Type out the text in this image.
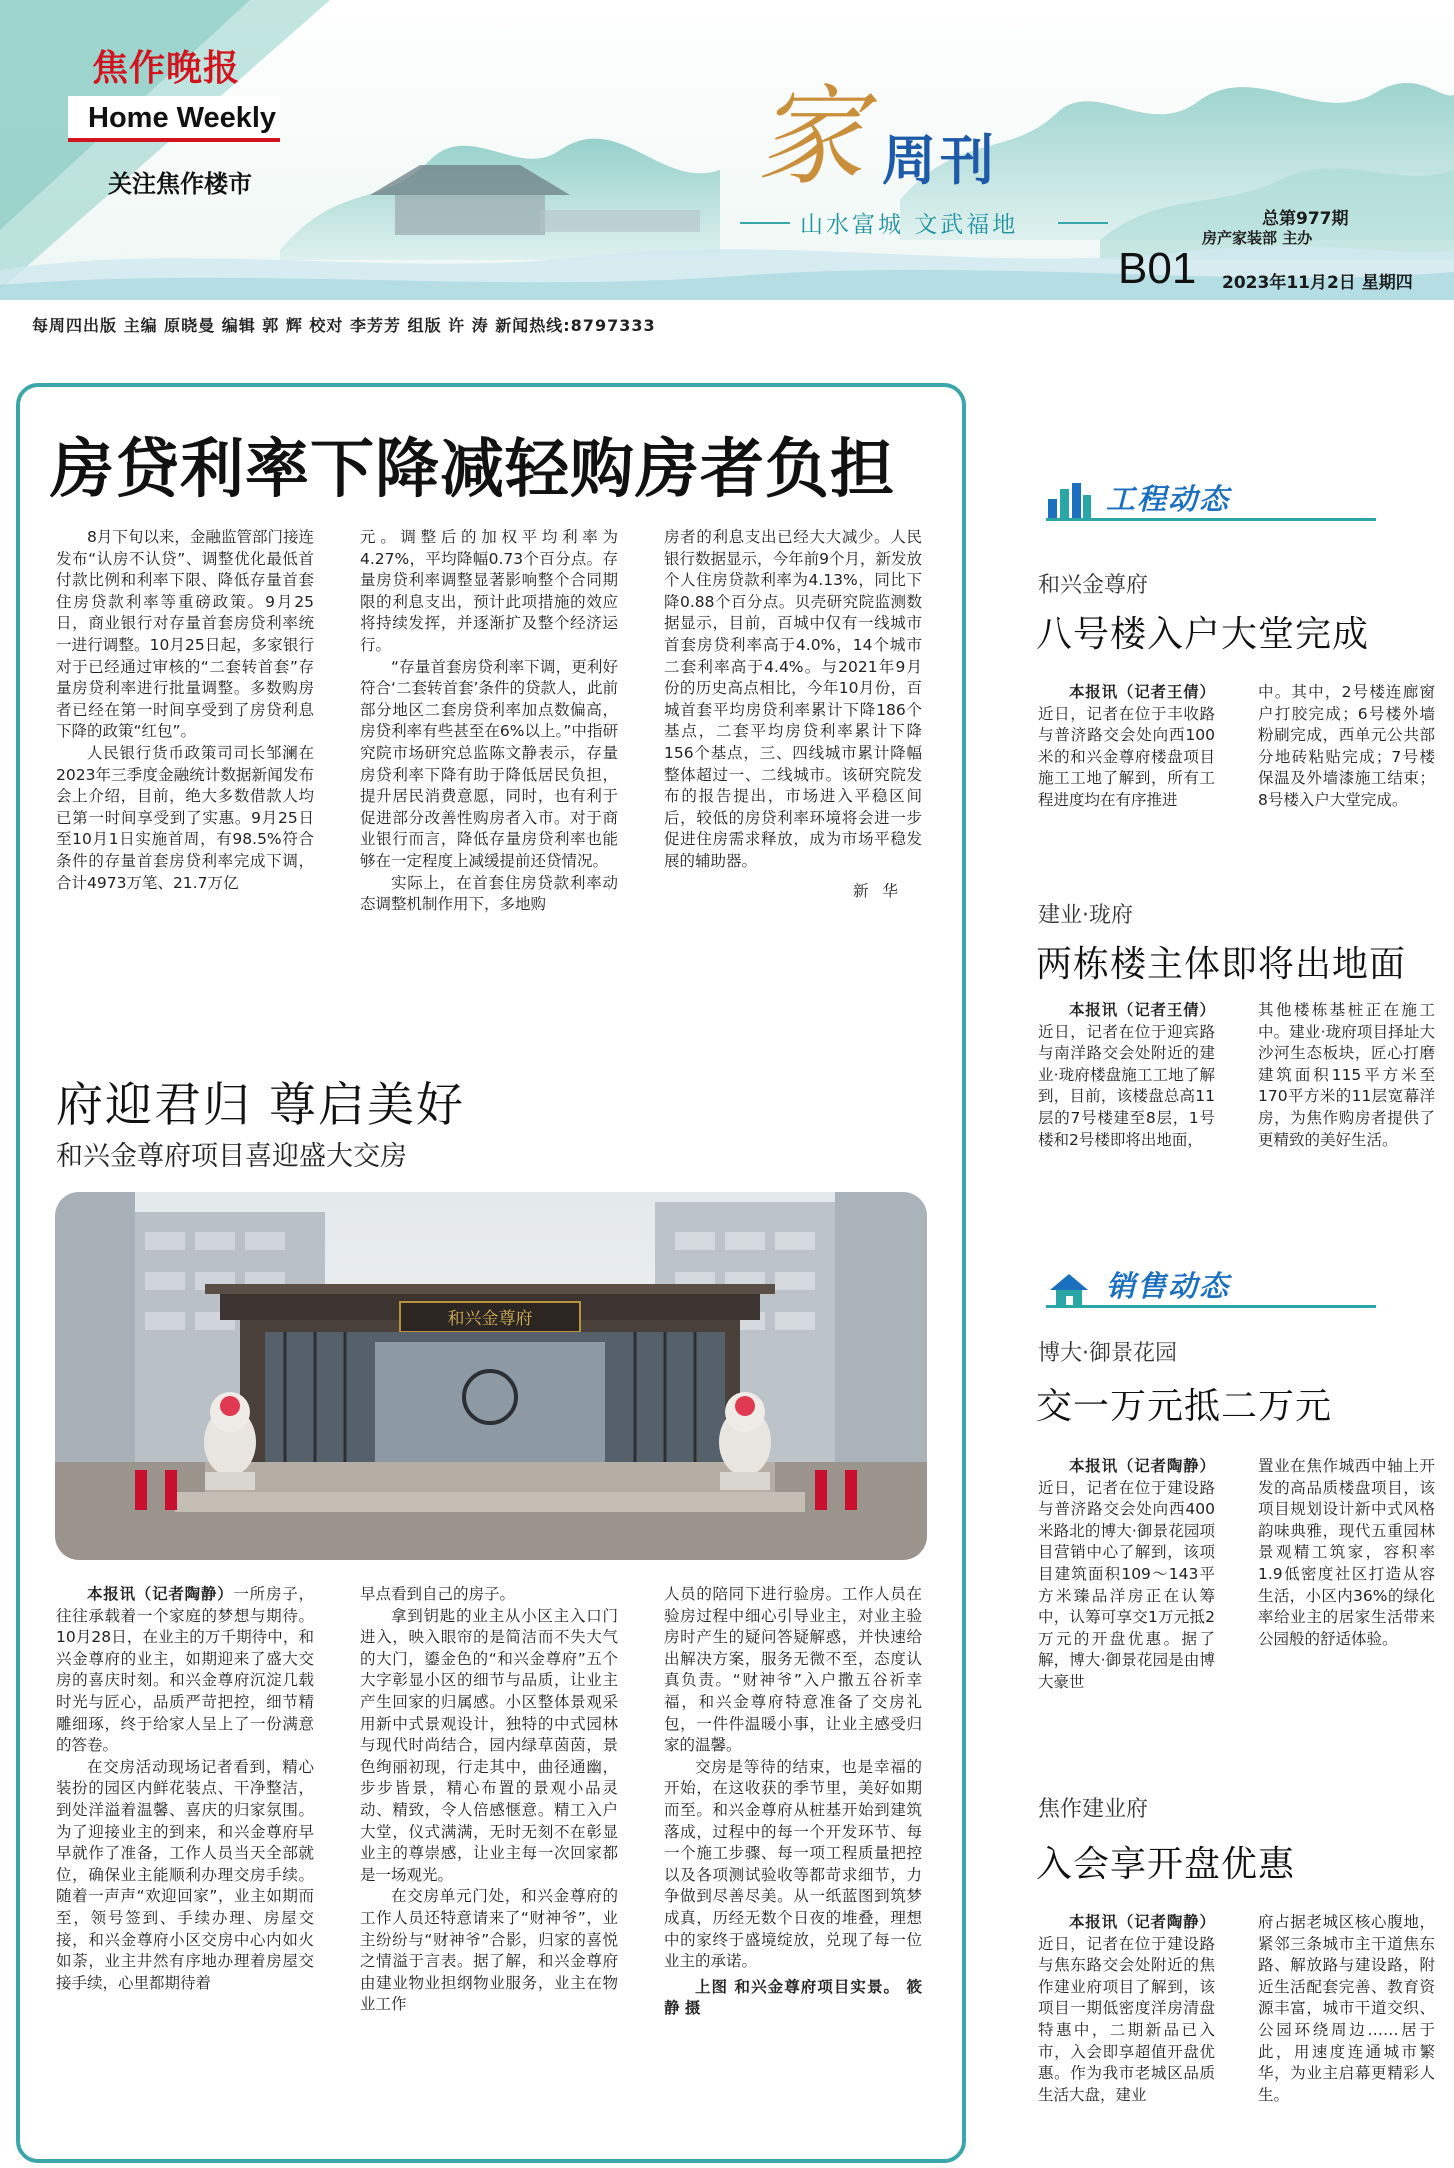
焦作晚报
Home Weekly
关注焦作楼市	家 周刊
山水富城 文武福地	总第977期
房产家装部 主办
B01 2023年11月2日 星期四
每周四出版 主编 原晓曼 编辑 郭 辉 校对 李芳芳 组版 许 涛 新闻热线:8797333
房贷利率下降减轻购房者负担

8月下旬以来，金融监管部门接连发布“认房不认贷”、调整优化最低首付款比例和利率下限、降低存量首套住房贷款利率等重磅政策。9月25日，商业银行对存量首套房贷利率统一进行调整。10月25日起，多家银行对于已经通过审核的“二套转首套”存量房贷利率进行批量调整。多数购房者已经在第一时间享受到了房贷利息下降的政策“红包”。

人民银行货币政策司司长邹澜在2023年三季度金融统计数据新闻发布会上介绍，目前，绝大多数借款人均已第一时间享受到了实惠。9月25日至10月1日实施首周，有98.5%符合条件的存量首套房贷利率完成下调，合计4973万笔、21.7万亿

元。调整后的加权平均利率为4.27%，平均降幅0.73个百分点。存量房贷利率调整显著影响整个合同期限的利息支出，预计此项措施的效应将持续发挥，并逐渐扩及整个经济运行。

“存量首套房贷利率下调，更利好符合‘二套转首套’条件的贷款人，此前部分地区二套房贷利率加点数偏高，房贷利率有些甚至在6%以上。”中指研究院市场研究总监陈文静表示，存量房贷利率下降有助于降低居民负担，提升居民消费意愿，同时，也有利于促进部分改善性购房者入市。对于商业银行而言，降低存量房贷利率也能够在一定程度上减缓提前还贷情况。

实际上，在首套住房贷款利率动态调整机制作用下，多地购

房者的利息支出已经大大减少。人民银行数据显示，今年前9个月，新发放个人住房贷款利率为4.13%，同比下降0.88个百分点。贝壳研究院监测数据显示，目前，百城中仅有一线城市首套房贷利率高于4.0%，14个城市二套利率高于4.4%。与2021年9月份的历史高点相比，今年10月份，百城首套平均房贷利率累计下降186个基点，二套平均房贷利率累计下降156个基点，三、四线城市累计降幅整体超过一、二线城市。该研究院发布的报告提出，市场进入平稳区间后，较低的房贷利率环境将会进一步促进住房需求释放，成为市场平稳发展的辅助器。

新华

府迎君归 尊启美好
和兴金尊府项目喜迎盛大交房
和兴金尊府

本报讯（记者陶静）一所房子，往往承载着一个家庭的梦想与期待。10月28日，在业主的万千期待中，和兴金尊府的业主，如期迎来了盛大交房的喜庆时刻。和兴金尊府沉淀几载时光与匠心，品质严苛把控，细节精雕细琢，终于给家人呈上了一份满意的答卷。

在交房活动现场记者看到，精心装扮的园区内鲜花装点、干净整洁，到处洋溢着温馨、喜庆的归家氛围。为了迎接业主的到来，和兴金尊府早早就作了准备，工作人员当天全部就位，确保业主能顺利办理交房手续。随着一声声“欢迎回家”，业主如期而至，领号签到、手续办理、房屋交接，和兴金尊府小区交房中心内如火如荼，业主井然有序地办理着房屋交接手续，心里都期待着

早点看到自己的房子。

拿到钥匙的业主从小区主入口门进入，映入眼帘的是简洁而不失大气的大门，鎏金色的“和兴金尊府”五个大字彰显小区的细节与品质，让业主产生回家的归属感。小区整体景观采用新中式景观设计，独特的中式园林与现代时尚结合，园内绿草茵茵，景色绚丽初现，行走其中，曲径通幽，步步皆景，精心布置的景观小品灵动、精致，令人倍感惬意。精工入户大堂，仪式满满，无时无刻不在彰显业主的尊崇感，让业主每一次回家都是一场观光。

在交房单元门处，和兴金尊府的工作人员还特意请来了“财神爷”，业主纷纷与“财神爷”合影，归家的喜悦之情溢于言表。据了解，和兴金尊府由建业物业担纲物业服务，业主在物业工作

人员的陪同下进行验房。工作人员在验房过程中细心引导业主，对业主验房时产生的疑问答疑解惑，并快速给出解决方案，服务无微不至，态度认真负责。“财神爷”入户撒五谷祈幸福，和兴金尊府特意准备了交房礼包，一件件温暖小事，让业主感受归家的温馨。

交房是等待的结束，也是幸福的开始，在这收获的季节里，美好如期而至。和兴金尊府从桩基开始到建筑落成，过程中的每一个开发环节、每一个施工步骤、每一项工程质量把控以及各项测试验收等都苛求细节，力争做到尽善尽美。从一纸蓝图到筑梦成真，历经无数个日夜的堆叠，理想中的家终于盛境绽放，兑现了每一位业主的承诺。

上图 和兴金尊府项目实景。 筱 静 摄

工程动态
和兴金尊府
八号楼入户大堂完成

本报讯（记者王倩）近日，记者在位于丰收路与普济路交会处向西100米的和兴金尊府楼盘项目施工工地了解到，所有工程进度均在有序推进

中。其中，2号楼连廊窗户打胶完成；6号楼外墙粉刷完成，西单元公共部分地砖粘贴完成；7号楼保温及外墙漆施工结束；8号楼入户大堂完成。

建业·珑府
两栋楼主体即将出地面

本报讯（记者王倩）近日，记者在位于迎宾路与南洋路交会处附近的建业·珑府楼盘施工工地了解到，目前，该楼盘总高11层的7号楼建至8层，1号楼和2号楼即将出地面，

其他楼栋基桩正在施工中。建业·珑府项目择址大沙河生态板块，匠心打磨建筑面积115平方米至170平方米的11层宽幕洋房，为焦作购房者提供了更精致的美好生活。

销售动态
博大·御景花园
交一万元抵二万元

本报讯（记者陶静）近日，记者在位于建设路与普济路交会处向西400米路北的博大·御景花园项目营销中心了解到，该项目建筑面积109～143平方米臻品洋房正在认筹中，认筹可享交1万元抵2万元的开盘优惠。据了解，博大·御景花园是由博大豪世

置业在焦作城西中轴上开发的高品质楼盘项目，该项目规划设计新中式风格韵味典雅，现代五重园林景观精工筑家，容积率1.9低密度社区打造从容生活，小区内36%的绿化率给业主的居家生活带来公园般的舒适体验。

焦作建业府
入会享开盘优惠

本报讯（记者陶静）近日，记者在位于建设路与焦东路交会处附近的焦作建业府项目了解到，该项目一期低密度洋房清盘特惠中，二期新品已入市，入会即享超值开盘优惠。作为我市老城区品质生活大盘，建业

府占据老城区核心腹地，紧邻三条城市主干道焦东路、解放路与建设路，附近生活配套完善、教育资源丰富，城市干道交织、公园环绕周边……居于此，用速度连通城市繁华，为业主启幕更精彩人生。
